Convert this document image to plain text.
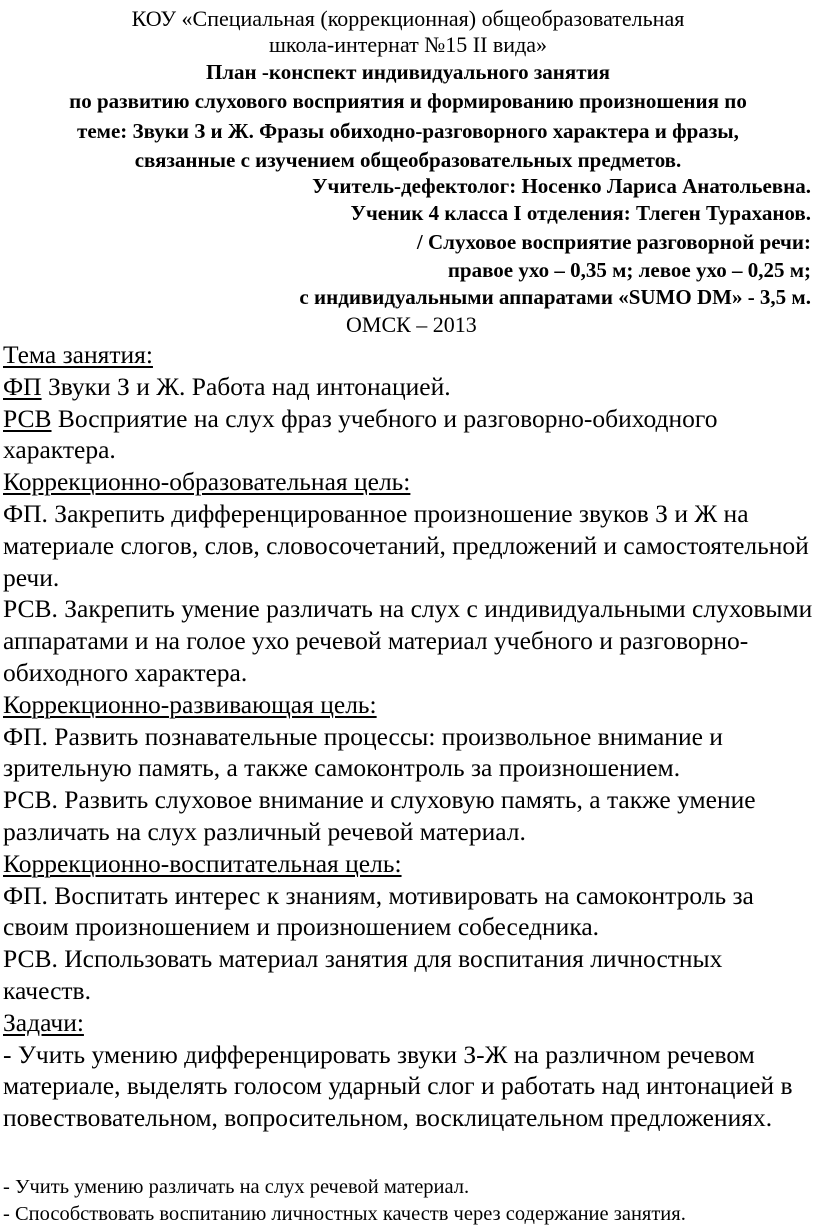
КОУ «Специальная (коррекционная) общеобразовательная
школа-интернат №15 II вида»
План -конспект индивидуального занятия
по развитию слухового восприятия и формированию произношения по
теме: Звуки З и Ж. Фразы обиходно-разговорного характера и фразы,
связанные с изучением общеобразовательных предметов.
Учитель-дефектолог: Носенко Лариса Анатольевна.
Ученик 4 класса I отделения: Тлеген Тураханов.
/ Слуховое восприятие разговорной речи:
правое ухо – 0,35 м; левое ухо – 0,25 м;
с индивидуальными аппаратами «SUMO DM» - 3,5 м.
ОМСК – 2013

Тема занятия:

ФП Звуки З и Ж. Работа над интонацией.

РСВ Восприятие на слух фраз учебного и разговорно-обиходного характера.

Коррекционно-образовательная цель:

ФП. Закрепить дифференцированное произношение звуков З и Ж на материале слогов, слов, словосочетаний, предложений и самостоятельной речи.

РСВ. Закрепить умение различать на слух с индивидуальными слуховыми аппаратами и на голое ухо речевой материал учебного и разговорно-обиходного характера.

Коррекционно-развивающая цель:

ФП. Развить познавательные процессы: произвольное внимание и зрительную память, а также самоконтроль за произношением.

РСВ. Развить слуховое внимание и слуховую память, а также умение различать на слух различный речевой материал.

Коррекционно-воспитательная цель:

ФП. Воспитать интерес к знаниям, мотивировать на самоконтроль за своим произношением и произношением собеседника.

РСВ. Использовать материал занятия для воспитания личностных качеств.

Задачи:

- Учить умению дифференцировать звуки З-Ж на различном речевом материале, выделять голосом ударный слог и работать над интонацией в повествовательном, вопросительном, восклицательном предложениях.

- Учить умению различать на слух речевой материал.
- Способствовать воспитанию личностных качеств через содержание занятия.
